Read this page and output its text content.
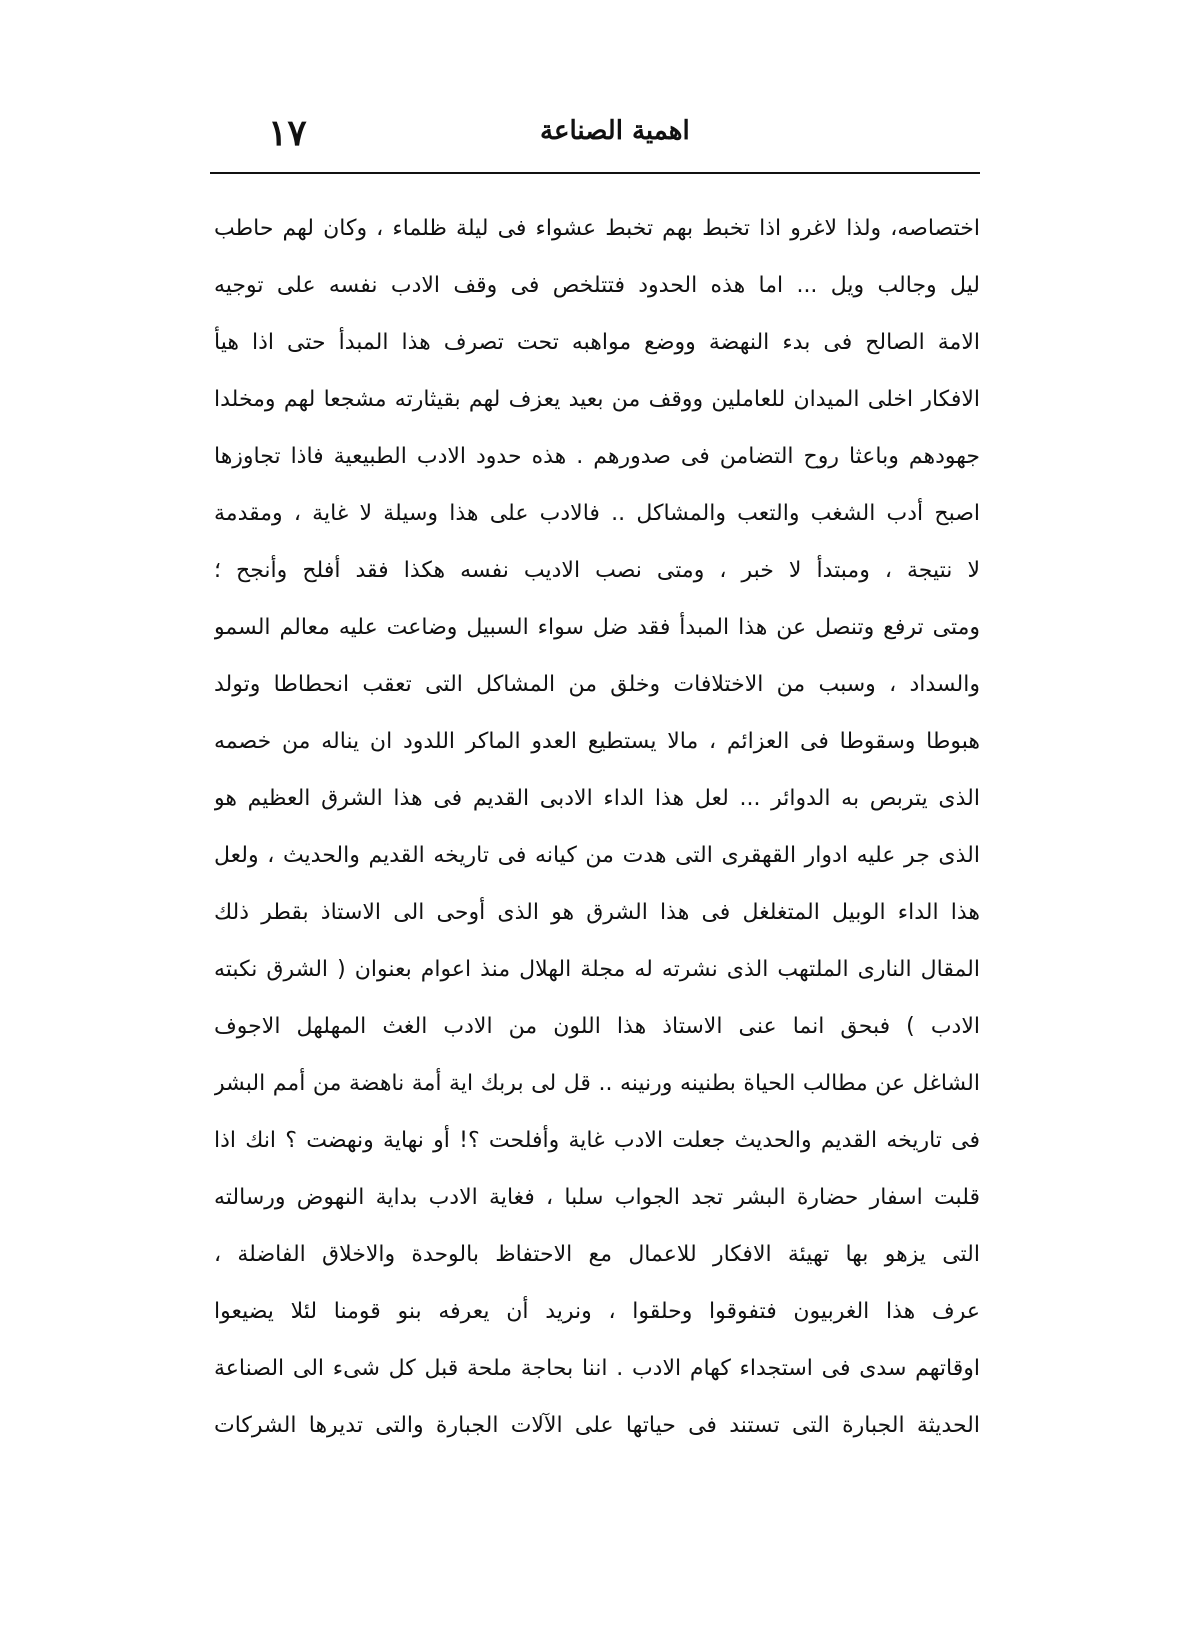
١٧	اهمية الصناعة
اختصاصه، ولذا لاغرو اذا تخبط بهم تخبط عشواء فى ليلة ظلماء ، وكان لهم حاطب
ليل وجالب ويل ... اما هذه الحدود فتتلخص فى وقف الادب نفسه على توجيه
الامة الصالح فى بدء النهضة ووضع مواهبه تحت تصرف هذا المبدأ حتى اذا هيأ
الافكار اخلى الميدان للعاملين ووقف من بعيد يعزف لهم بقيثارته مشجعا لهم ومخلدا
جهودهم وباعثا روح التضامن فى صدورهم . هذه حدود الادب الطبيعية فاذا تجاوزها
اصبح أدب الشغب والتعب والمشاكل .. فالادب على هذا وسيلة لا غاية ، ومقدمة
لا نتيجة ، ومبتدأ لا خبر ، ومتى نصب الاديب نفسه هكذا فقد أفلح وأنجح ؛
ومتى ترفع وتنصل عن هذا المبدأ فقد ضل سواء السبيل وضاعت عليه معالم السمو
والسداد ، وسبب من الاختلافات وخلق من المشاكل التى تعقب انحطاطا وتولد
هبوطا وسقوطا فى العزائم ، مالا يستطيع العدو الماكر اللدود ان يناله من خصمه
الذى يتربص به الدوائر ... لعل هذا الداء الادبى القديم فى هذا الشرق العظيم هو
الذى جر عليه ادوار القهقرى التى هدت من كيانه فى تاريخه القديم والحديث ، ولعل
هذا الداء الوبيل المتغلغل فى هذا الشرق هو الذى أوحى الى الاستاذ بقطر ذلك
المقال النارى الملتهب الذى نشرته له مجلة الهلال منذ اعوام بعنوان ( الشرق نكبته
الادب ) فبحق انما عنى الاستاذ هذا اللون من الادب الغث المهلهل الاجوف
الشاغل عن مطالب الحياة بطنينه ورنينه .. قل لى بربك اية أمة ناهضة من أمم البشر
فى تاريخه القديم والحديث جعلت الادب غاية وأفلحت ؟! أو نهاية ونهضت ؟ انك اذا
قلبت اسفار حضارة البشر تجد الجواب سلبا ، فغاية الادب بداية النهوض ورسالته
التى يزهو بها تهيئة الافكار للاعمال مع الاحتفاظ بالوحدة والاخلاق الفاضلة ،
عرف هذا الغربيون فتفوقوا وحلقوا ، ونريد أن يعرفه بنو قومنا لئلا يضيعوا
اوقاتهم سدى فى استجداء كهام الادب . اننا بحاجة ملحة قبل كل شىء الى الصناعة
الحديثة الجبارة التى تستند فى حياتها على الآلات الجبارة والتى تديرها الشركات
